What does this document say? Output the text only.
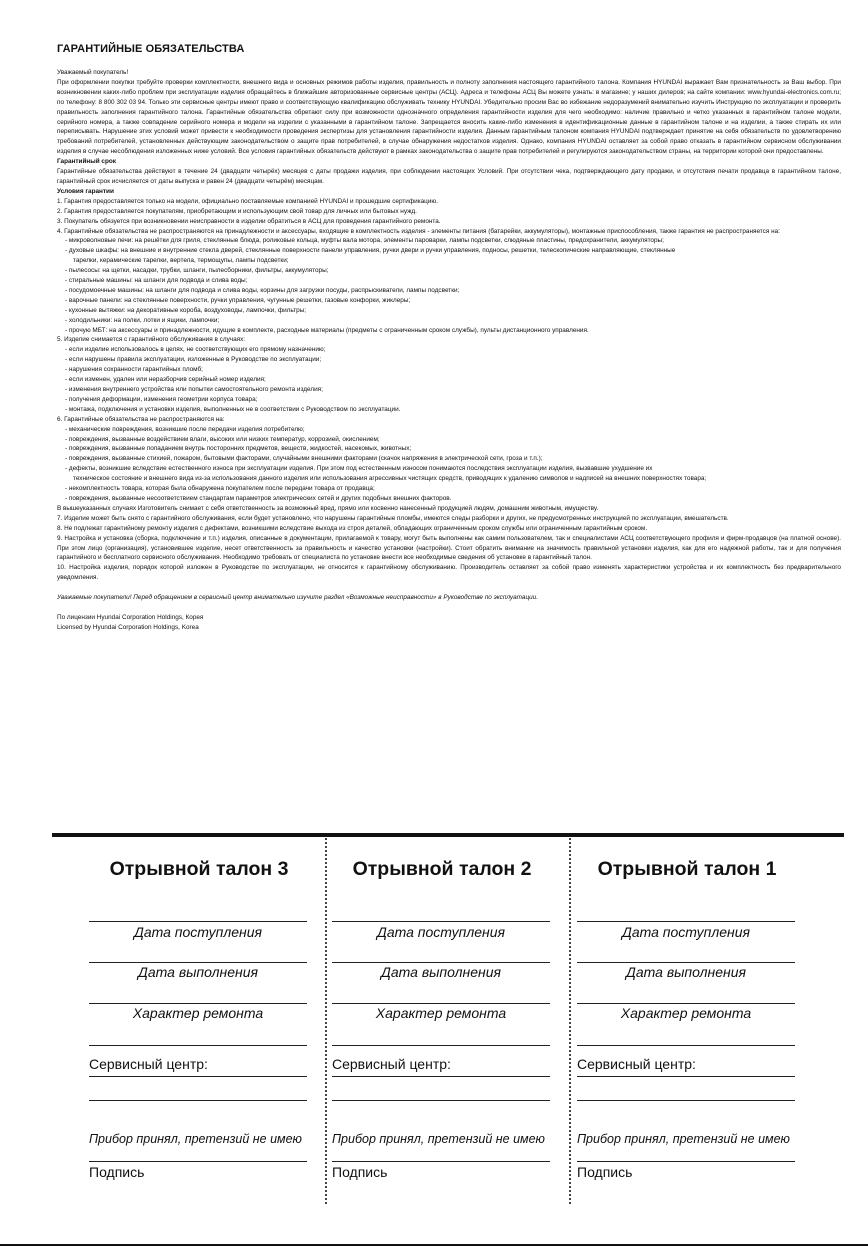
ГАРАНТИЙНЫЕ ОБЯЗАТЕЛЬСТВА

Уважаемый покупатель!

При оформлении покупки требуйте проверки комплектности, внешнего вида и основных режимов работы изделия, правильность и полноту заполнения настоящего гарантийного талона. Компания HYUNDAI выражает Вам признательность за Ваш выбор. При возникновении каких-либо проблем при эксплуатации изделия обращайтесь в ближайшие авторизованные сервисные центры (АСЦ). Адреса и телефоны АСЦ Вы можете узнать: в магазине; у наших дилеров; на сайте компании: www.hyundai-electronics.com.ru; по телефону: 8 800 302 03 94. Только эти сервисные центры имеют право и соответствующую квалификацию обслуживать технику HYUNDAI. Убедительно просим Вас во избежание недоразумений внимательно изучить Инструкцию по эксплуатации и проверить правильность заполнения гарантийного талона. Гарантийные обязательства обретают силу при возможности однозначного определения гарантийности изделия для чего необходимо: наличие правильно и четко указанных в гарантийном талоне модели, серийного номера, а также совпадение серийного номера и модели на изделии с указанными в гарантийном талоне. Запрещается вносить какие-либо изменения в идентификационные данные в гарантийном талоне и на изделии, а также стирать их или переписывать. Нарушение этих условий может привести к необходимости проведения экспертизы для установления гарантийности изделия. Данным гарантийным талоном компания HYUNDAI подтверждает принятие на себя обязательств по удовлетворению требований потребителей, установленных действующим законодательством о защите прав потребителей, в случае обнаружения недостатков изделия. Однако, компания HYUNDAI оставляет за собой право отказать в гарантийном сервисном обслуживании изделия в случае несоблюдения изложенных ниже условий. Все условия гарантийных обязательств действуют в рамках законодательства о защите прав потребителей и регулируются законодательством страны, на территории которой они предоставлены.

Гарантийный срок

Гарантийные обязательства действуют в течение 24 (двадцати четырёх) месяцев с даты продажи изделия, при соблюдении настоящих Условий. При отсутствии чека, подтверждающего дату продажи, и отсутствия печати продавца в гарантийном талоне, гарантийный срок исчисляется от даты выпуска и равен 24 (двадцати четырём) месяцам.

Условия гарантии

1. Гарантия предоставляется только на модели, официально поставляемые компанией HYUNDAI и прошедшие сертификацию.

2. Гарантия предоставляется покупателям, приобретающим и использующим свой товар для личных или бытовых нужд.

3. Покупатель обязуется при возникновении неисправности в изделии обратиться в АСЦ для проведения гарантийного ремонта.

4. Гарантийные обязательства не распространяются на принадлежности и аксессуары, входящие в комплектность изделия - элементы питания (батарейки, аккумуляторы), монтажные приспособления, также гарантия не распространяется на:

- микроволновые печи: на решётки для гриля, стеклянные блюда, роликовые кольца, муфты вала мотора, элементы пароварки, лампы подсветки, слюдяные пластины, предохранители, аккумуляторы;

- духовые шкафы: на внешние и внутренние стекла дверей, стеклянные поверхности панели управления, ручки двери и ручки управления, подносы, решетки, телескопические направляющие, стеклянные

тарелки, керамические тарелки, вертела, термощупы, лампы подсветки;

- пылесосы: на щетки, насадки, трубки, шланги, пылесборники, фильтры, аккумуляторы;

- стиральные машины: на шланги для подвода и слива воды;

- посудомоечные машины: на шланги для подвода и слива воды, корзины для загрузки посуды, распрыскиватели, лампы подсветки;

- варочные панели: на стеклянные поверхности, ручки управления, чугунные решетки, газовые конфорки, жиклеры;

- кухонные вытяжки: на декоративные короба, воздуховоды, лампочки, фильтры;

- холодильники: на полки, лотки и ящики, лампочки;

- прочую МБТ: на аксессуары и принадлежности, идущие в комплекте, расходные материалы (предметы с ограниченным сроком службы), пульты дистанционного управления.

5. Изделие снимается с гарантийного обслуживания в случаях:

- если изделие использовалось в целях, не соответствующих его прямому назначению;

- если нарушены правила эксплуатации, изложенные в Руководстве по эксплуатации;

- нарушения сохранности гарантийных пломб;

- если изменен, удален или неразборчив серийный номер изделия;

- изменения внутреннего устройства или попытки самостоятельного ремонта изделия;

- получения деформации, изменения геометрии корпуса товара;

- монтажа, подключения и установки изделия, выполненных не в соответствии с Руководством по эксплуатации.

6. Гарантийные обязательства не распространяются на:

- механические повреждения, возникшие после передачи изделия потребителю;

- повреждения, вызванные воздействием влаги, высоких или низких температур, коррозией, окислением;

- повреждения, вызванные попаданием внутрь посторонних предметов, веществ, жидкостей, насекомых, животных;

- повреждения, вызванные стихией, пожаром, бытовыми факторами, случайными внешними факторами (скачок напряжения в электрической сети, гроза и т.п.);

- дефекты, возникшие вследствие естественного износа при эксплуатации изделия. При этом под естественным износом понимаются последствия эксплуатации изделия, вызвавшие ухудшение их

техническое состояние и внешнего вида из-за использования данного изделия или использования агрессивных чистящих средств, приводящих к удалению символов и надписей на внешних поверхностях товара;

- некомплектность товара, которая была обнаружена покупателем после передачи товара от продавца;

- повреждения, вызванные несоответствием стандартам параметров электрических сетей и других подобных внешних факторов.

В вышеуказанных случаях Изготовитель снимает с себя ответственность за возможный вред, прямо или косвенно нанесенный продукцией людям, домашним животным, имуществу.

7. Изделие может быть снято с гарантийного обслуживания, если будет установлено, что нарушены гарантийные пломбы, имеются следы разборки и других, не предусмотренных инструкцией по эксплуатации, вмешательств.

8. Не подлежат гарантийному ремонту изделия с дефектами, возникшими вследствие выхода из строя деталей, обладающих ограниченным сроком службы или ограниченным гарантийным сроком.

9. Настройка и установка (сборка, подключение и т.п.) изделия, описанные в документации, прилагаемой к товару, могут быть выполнены как самим пользователем, так и специалистами АСЦ соответствующего профиля и фирм-продавцов (на платной основе). При этом лицо (организация), установившее изделие, несет ответственность за правильность и качество установки (настройки). Стоит обратить внимание на значимость правильной установки изделия, как для его надежной работы, так и для получения гарантийного и бесплатного сервисного обслуживания. Необходимо требовать от специалиста по установке внести все необходимые сведения об установке в гарантийный талон.

10. Настройка изделия, порядок которой изложен в Руководстве по эксплуатации, не относится к гарантийному обслуживанию. Производитель оставляет за собой право изменять характеристики устройства и их комплектность без предварительного уведомления.

Уважаемые покупатели! Перед обращением в сервисный центр внимательно изучите раздел «Возможные неисправности» в Руководстве по эксплуатации.

По лицензии Hyundai Corporation Holdings, Корея

Licensed by Hyundai Corporation Holdings, Korea

Отрывной талон 3
Дата поступления
Дата выполнения
Характер ремонта
Сервисный центр:
Прибор принял, претензий не имею
Подпись
Отрывной талон 2
Дата поступления
Дата выполнения
Характер ремонта
Сервисный центр:
Прибор принял, претензий не имею
Подпись
Отрывной талон 1
Дата поступления
Дата выполнения
Характер ремонта
Сервисный центр:
Прибор принял, претензий не имею
Подпись
